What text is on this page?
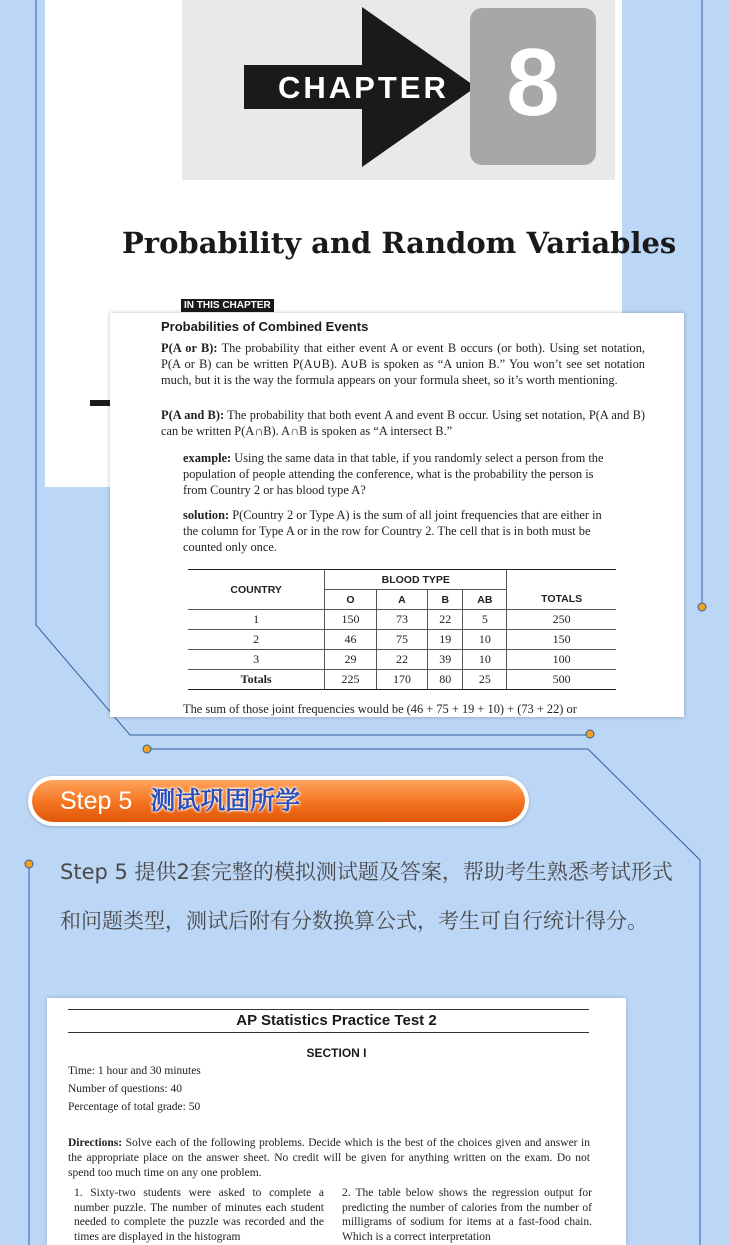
CHAPTER 8
Probability and Random Variables
IN THIS CHAPTER
Probabilities of Combined Events
P(A or B): The probability that either event A or event B occurs (or both). Using set notation, P(A or B) can be written P(A∪B). A∪B is spoken as “A union B.” You won’t see set notation much, but it is the way the formula appears on your formula sheet, so it’s worth mentioning.
P(A and B): The probability that both event A and event B occur. Using set notation, P(A and B) can be written P(A∩B). A∩B is spoken as “A intersect B.”
example: Using the same data in that table, if you randomly select a person from the population of people attending the conference, what is the probability the person is from Country 2 or has blood type A?
solution: P(Country 2 or Type A) is the sum of all joint frequencies that are either in the column for Type A or in the row for Country 2. The cell that is in both must be counted only once.
COUNTRY	BLOOD TYPE				
	O	A	B	AB	TOTALS
1	150	73	22	5	250
2	46	75	19	10	150
3	29	22	39	10	100
Totals	225	170	80	25	500
The sum of those joint frequencies would be (46 + 75 + 19 + 10) + (73 + 22) or
Step 5 测试巩固所学
Step 5 提供2套完整的模拟测试题及答案，帮助考生熟悉考试形式和问题类型，测试后附有分数换算公式，考生可自行统计得分。
AP Statistics Practice Test 2
SECTION I
Time: 1 hour and 30 minutes
Number of questions: 40
Percentage of total grade: 50
Directions: Solve each of the following problems. Decide which is the best of the choices given and answer in the appropriate place on the answer sheet. No credit will be given for anything written on the exam. Do not spend too much time on any one problem.
1. Sixty-two students were asked to complete a number puzzle. The number of minutes each student needed to complete the puzzle was recorded and the times are displayed in the histogram
2. The table below shows the regression output for predicting the number of calories from the number of milligrams of sodium for items at a fast-food chain. Which is a correct interpretation
